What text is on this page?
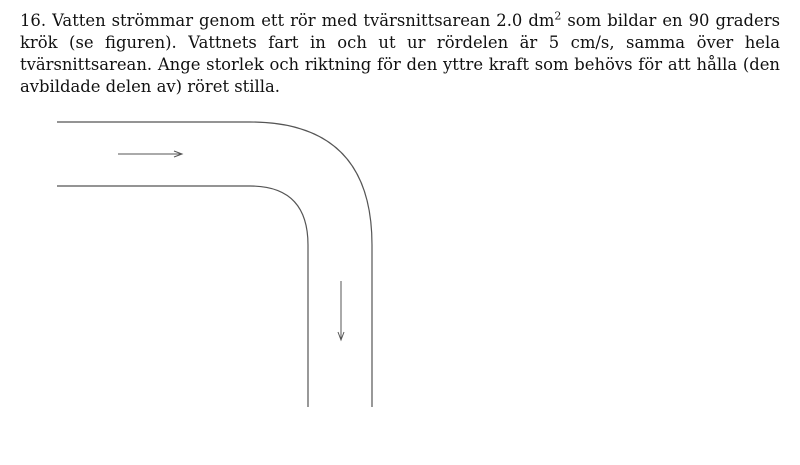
16. Vatten strömmar genom ett rör med tvärsnittsarean 2.0 $dm^2$ som bildar en 90 graders krök (se figuren). Vattnets fart in och ut ur rördelen är 5 cm/s, samma över hela tvärsnittsarean. Ange storlek och riktning för den yttre kraft som behövs för att hålla (den avbildade delen av) röret stilla.
